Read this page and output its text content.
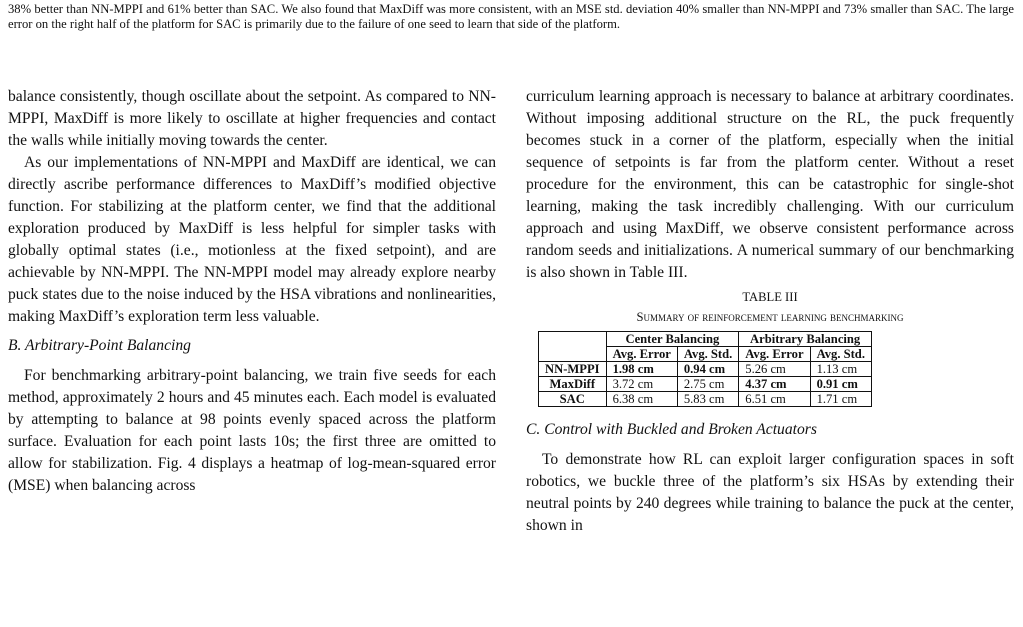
38% better than NN-MPPI and 61% better than SAC. We also found that MaxDiff was more consistent, with an MSE std. deviation 40% smaller than NN-MPPI and 73% smaller than SAC. The large error on the right half of the platform for SAC is primarily due to the failure of one seed to learn that side of the platform.

balance consistently, though oscillate about the setpoint. As compared to NN-MPPI, MaxDiff is more likely to oscillate at higher frequencies and contact the walls while initially moving towards the center.

As our implementations of NN-MPPI and MaxDiff are identical, we can directly ascribe performance differences to MaxDiff’s modified objective function. For stabilizing at the platform center, we find that the additional exploration produced by MaxDiff is less helpful for simpler tasks with globally optimal states (i.e., motionless at the fixed setpoint), and are achievable by NN-MPPI. The NN-MPPI model may already explore nearby puck states due to the noise induced by the HSA vibrations and nonlinearities, making MaxDiff’s exploration term less valuable.

B. Arbitrary-Point Balancing

For benchmarking arbitrary-point balancing, we train five seeds for each method, approximately 2 hours and 45 minutes each. Each model is evaluated by attempting to balance at 98 points evenly spaced across the platform surface. Evaluation for each point lasts 10s; the first three are omitted to allow for stabilization. Fig. 4 displays a heatmap of log-mean-squared error (MSE) when balancing across

curriculum learning approach is necessary to balance at arbitrary coordinates. Without imposing additional structure on the RL, the puck frequently becomes stuck in a corner of the platform, especially when the initial sequence of setpoints is far from the platform center. Without a reset procedure for the environment, this can be catastrophic for single-shot learning, making the task incredibly challenging. With our curriculum approach and using MaxDiff, we observe consistent performance across random seeds and initializations. A numerical summary of our benchmarking is also shown in Table III.

TABLE III

Summary of reinforcement learning benchmarking

	Center Balancing		Arbitrary Balancing	
	Avg. Error	Avg. Std.	Avg. Error	Avg. Std.
NN-MPPI	1.98 cm	0.94 cm	5.26 cm	1.13 cm
MaxDiff	3.72 cm	2.75 cm	4.37 cm	0.91 cm
SAC	6.38 cm	5.83 cm	6.51 cm	1.71 cm

C. Control with Buckled and Broken Actuators

To demonstrate how RL can exploit larger configuration spaces in soft robotics, we buckle three of the platform’s six HSAs by extending their neutral points by 240 degrees while training to balance the puck at the center, shown in
